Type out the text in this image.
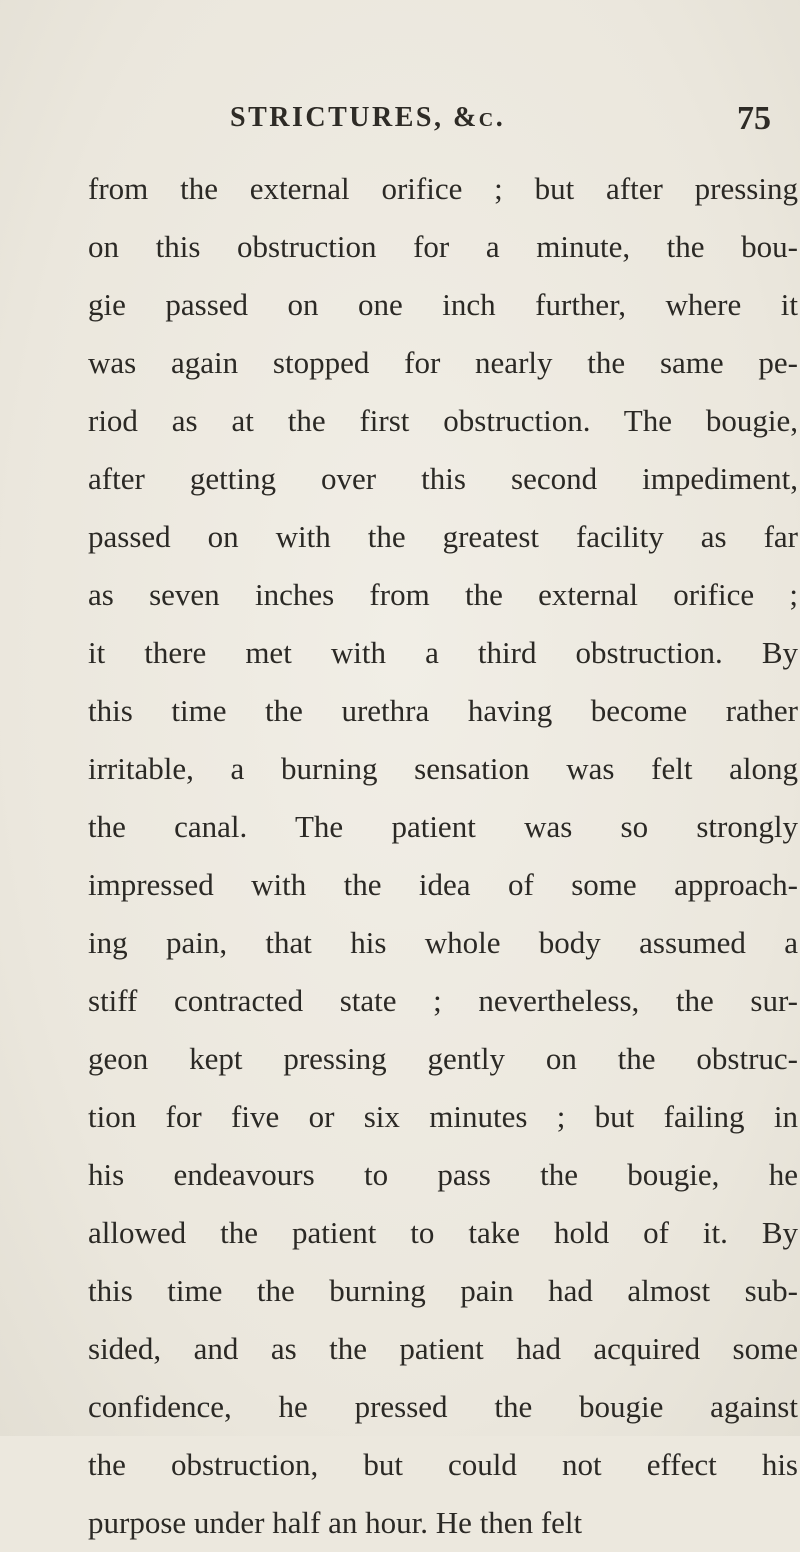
STRICTURES, &c.	75
from the external orifice ; but after pressing
on this obstruction for a minute, the bou-
gie passed on one inch further, where it
was again stopped for nearly the same pe-
riod as at the first obstruction. The bougie,
after getting over this second impediment,
passed on with the greatest facility as far
as seven inches from the external orifice ;
it there met with a third obstruction. By
this time the urethra having become rather
irritable, a burning sensation was felt along
the canal. The patient was so strongly
impressed with the idea of some approach-
ing pain, that his whole body assumed a
stiff contracted state ; nevertheless, the sur-
geon kept pressing gently on the obstruc-
tion for five or six minutes ; but failing in
his endeavours to pass the bougie, he
allowed the patient to take hold of it. By
this time the burning pain had almost sub-
sided, and as the patient had acquired some
confidence, he pressed the bougie against
the obstruction, but could not effect his
purpose under half an hour. He then felt
